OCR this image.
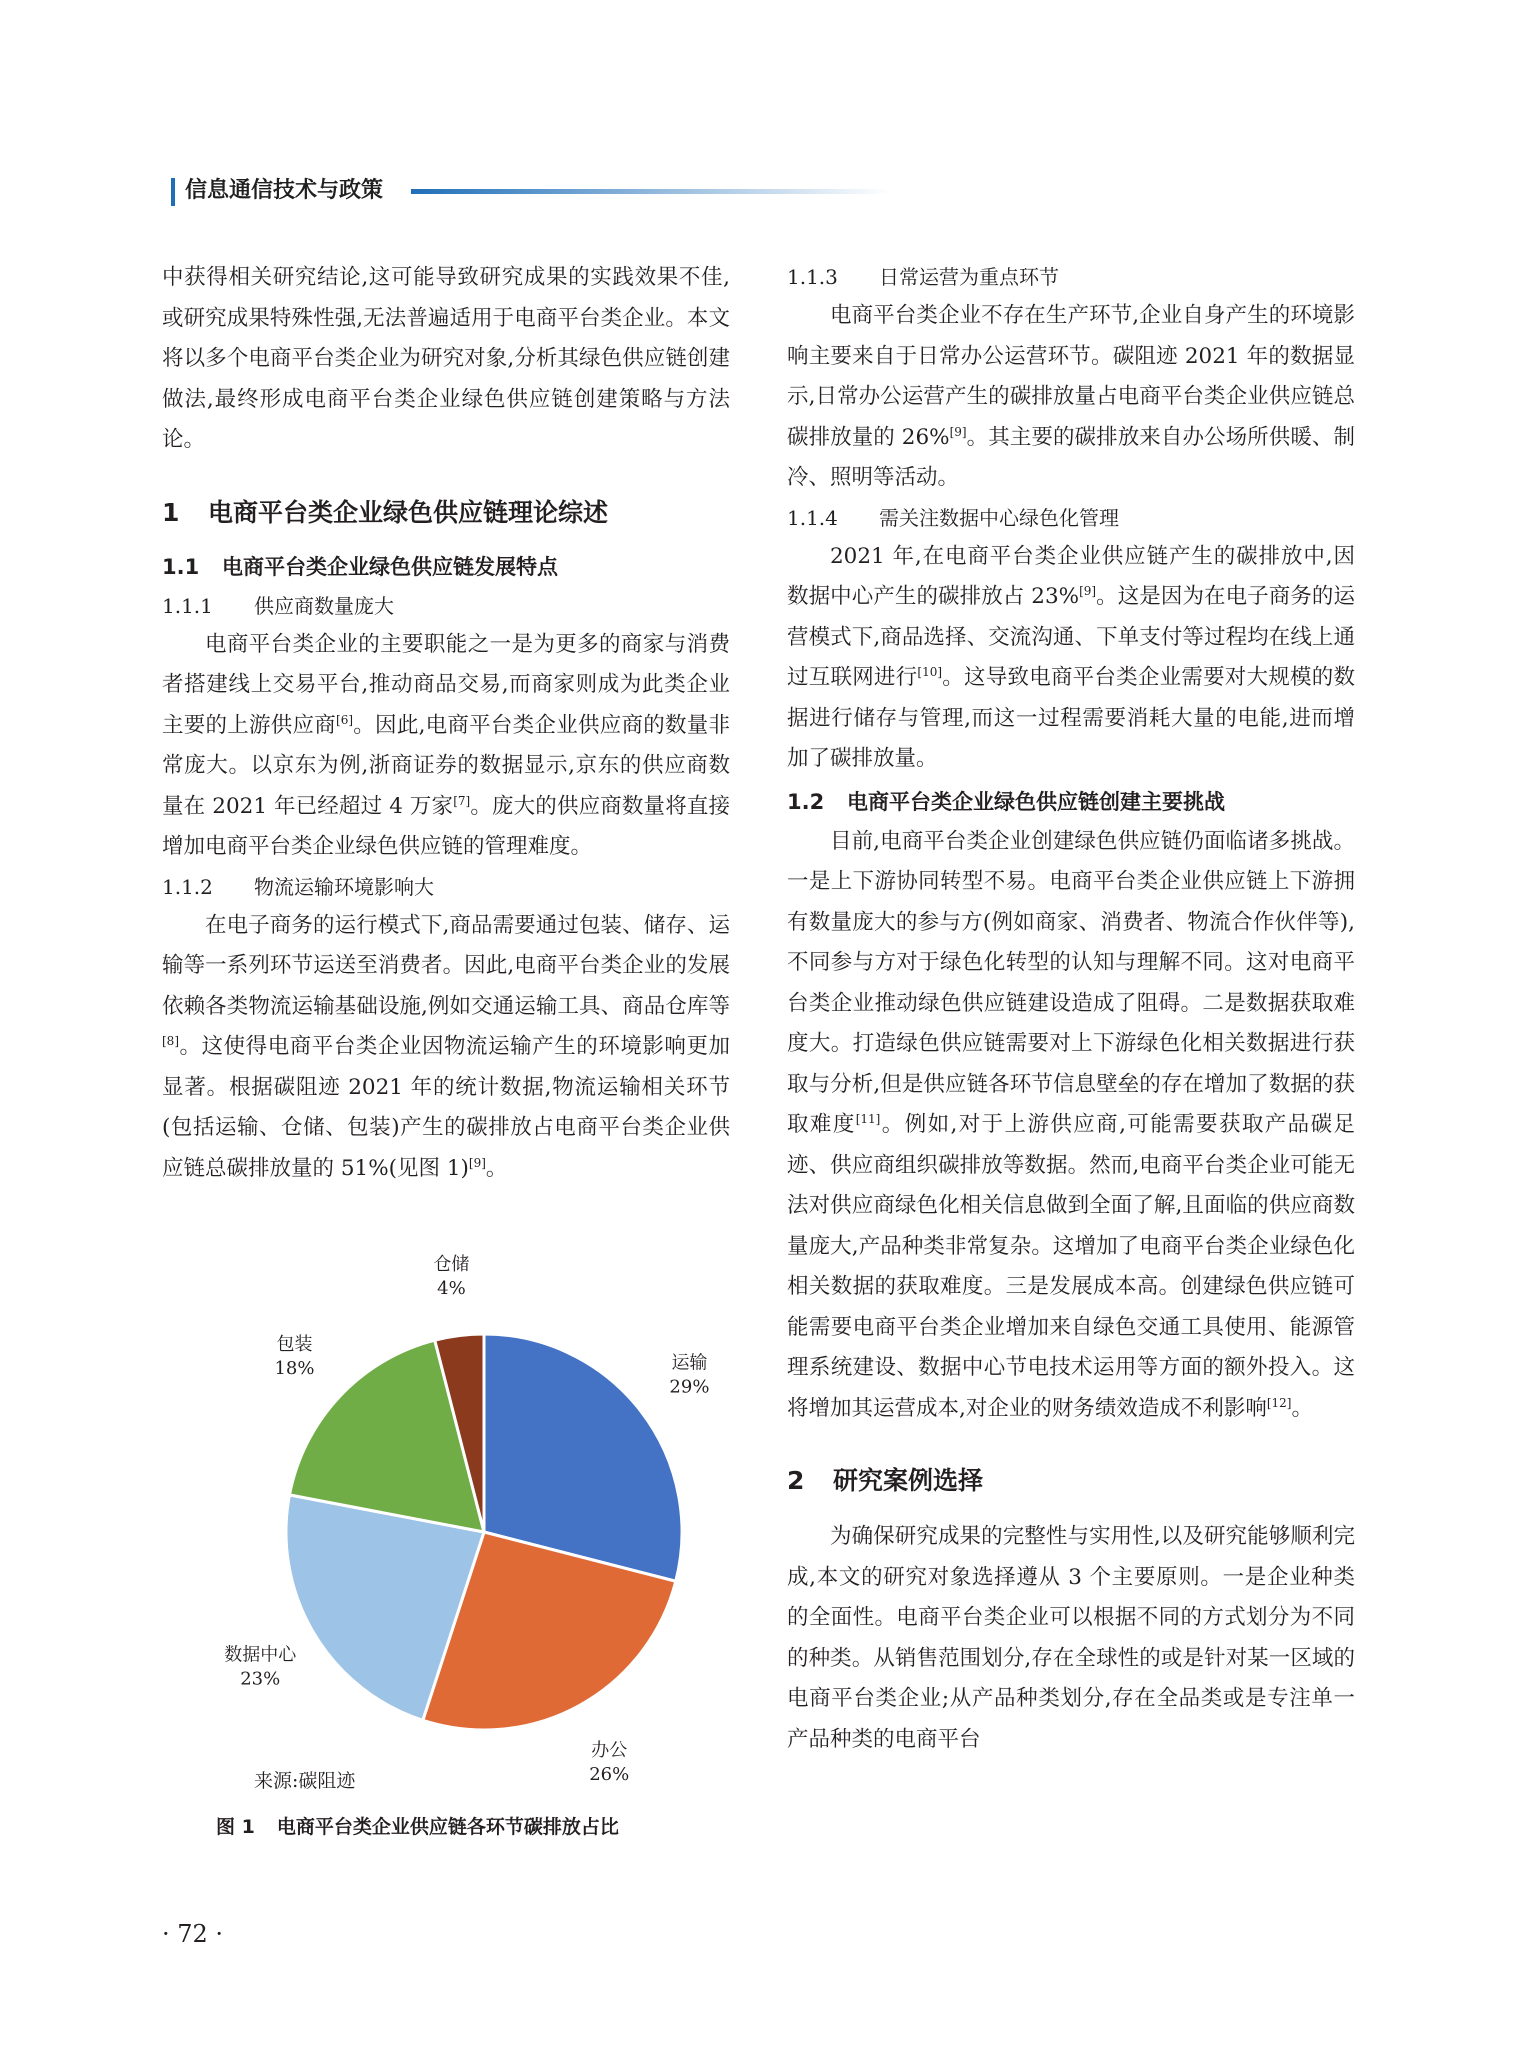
信息通信技术与政策

中获得相关研究结论,这可能导致研究成果的实践效果不佳,或研究成果特殊性强,无法普遍适用于电商平台类企业。本文将以多个电商平台类企业为研究对象,分析其绿色供应链创建做法,最终形成电商平台类企业绿色供应链创建策略与方法论。

1 电商平台类企业绿色供应链理论综述
1.1 电商平台类企业绿色供应链发展特点
1.1.1 供应商数量庞大

电商平台类企业的主要职能之一是为更多的商家与消费者搭建线上交易平台,推动商品交易,而商家则成为此类企业主要的上游供应商[6]。因此,电商平台类企业供应商的数量非常庞大。以京东为例,浙商证券的数据显示,京东的供应商数量在 2021 年已经超过 4 万家[7]。庞大的供应商数量将直接增加电商平台类企业绿色供应链的管理难度。

1.1.2 物流运输环境影响大

在电子商务的运行模式下,商品需要通过包装、储存、运输等一系列环节运送至消费者。因此,电商平台类企业的发展依赖各类物流运输基础设施,例如交通运输工具、商品仓库等[8]。这使得电商平台类企业因物流运输产生的环境影响更加显著。根据碳阻迹 2021 年的统计数据,物流运输相关环节(包括运输、仓储、包装)产生的碳排放占电商平台类企业供应链总碳排放量的 51%(见图 1)[9]。

运输
29%
办公
26%
数据中心
23%
包装
18%
仓储
4%
来源:碳阻迹
图 1 电商平台类企业供应链各环节碳排放占比
1.1.3 日常运营为重点环节

电商平台类企业不存在生产环节,企业自身产生的环境影响主要来自于日常办公运营环节。碳阻迹 2021 年的数据显示,日常办公运营产生的碳排放量占电商平台类企业供应链总碳排放量的 26%[9]。其主要的碳排放来自办公场所供暖、制冷、照明等活动。

1.1.4 需关注数据中心绿色化管理

2021 年,在电商平台类企业供应链产生的碳排放中,因数据中心产生的碳排放占 23%[9]。这是因为在电子商务的运营模式下,商品选择、交流沟通、下单支付等过程均在线上通过互联网进行[10]。这导致电商平台类企业需要对大规模的数据进行储存与管理,而这一过程需要消耗大量的电能,进而增加了碳排放量。

1.2 电商平台类企业绿色供应链创建主要挑战

目前,电商平台类企业创建绿色供应链仍面临诸多挑战。一是上下游协同转型不易。电商平台类企业供应链上下游拥有数量庞大的参与方(例如商家、消费者、物流合作伙伴等),不同参与方对于绿色化转型的认知与理解不同。这对电商平台类企业推动绿色供应链建设造成了阻碍。二是数据获取难度大。打造绿色供应链需要对上下游绿色化相关数据进行获取与分析,但是供应链各环节信息壁垒的存在增加了数据的获取难度[11]。例如,对于上游供应商,可能需要获取产品碳足迹、供应商组织碳排放等数据。然而,电商平台类企业可能无法对供应商绿色化相关信息做到全面了解,且面临的供应商数量庞大,产品种类非常复杂。这增加了电商平台类企业绿色化相关数据的获取难度。三是发展成本高。创建绿色供应链可能需要电商平台类企业增加来自绿色交通工具使用、能源管理系统建设、数据中心节电技术运用等方面的额外投入。这将增加其运营成本,对企业的财务绩效造成不利影响[12]。

2 研究案例选择

为确保研究成果的完整性与实用性,以及研究能够顺利完成,本文的研究对象选择遵从 3 个主要原则。一是企业种类的全面性。电商平台类企业可以根据不同的方式划分为不同的种类。从销售范围划分,存在全球性的或是针对某一区域的电商平台类企业;从产品种类划分,存在全品类或是专注单一产品种类的电商平台

· 72 ·
